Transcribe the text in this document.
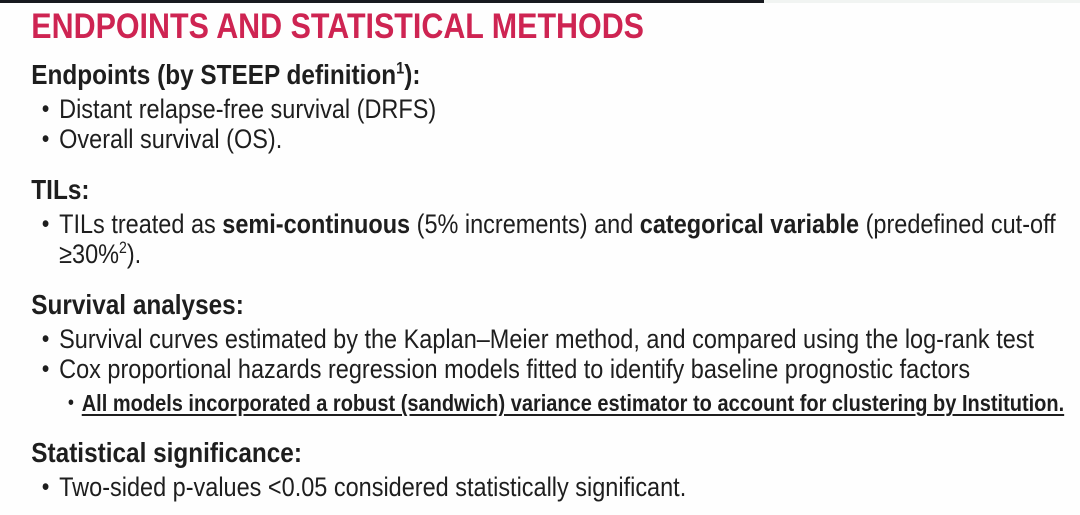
ENDPOINTS AND STATISTICAL METHODS
Endpoints (by STEEP definition$^1$):
• Distant relapse-free survival (DRFS)
• Overall survival (OS).
TILs:
• TILs treated as semi-continuous (5% increments) and categorical variable (predefined cut-off
≥30%$^2$).
Survival analyses:
• Survival curves estimated by the Kaplan–Meier method, and compared using the log-rank test
• Cox proportional hazards regression models fitted to identify baseline prognostic factors
• All models incorporated a robust (sandwich) variance estimator to account for clustering by Institution.
Statistical significance:
• Two-sided p-values <0.05 considered statistically significant.
